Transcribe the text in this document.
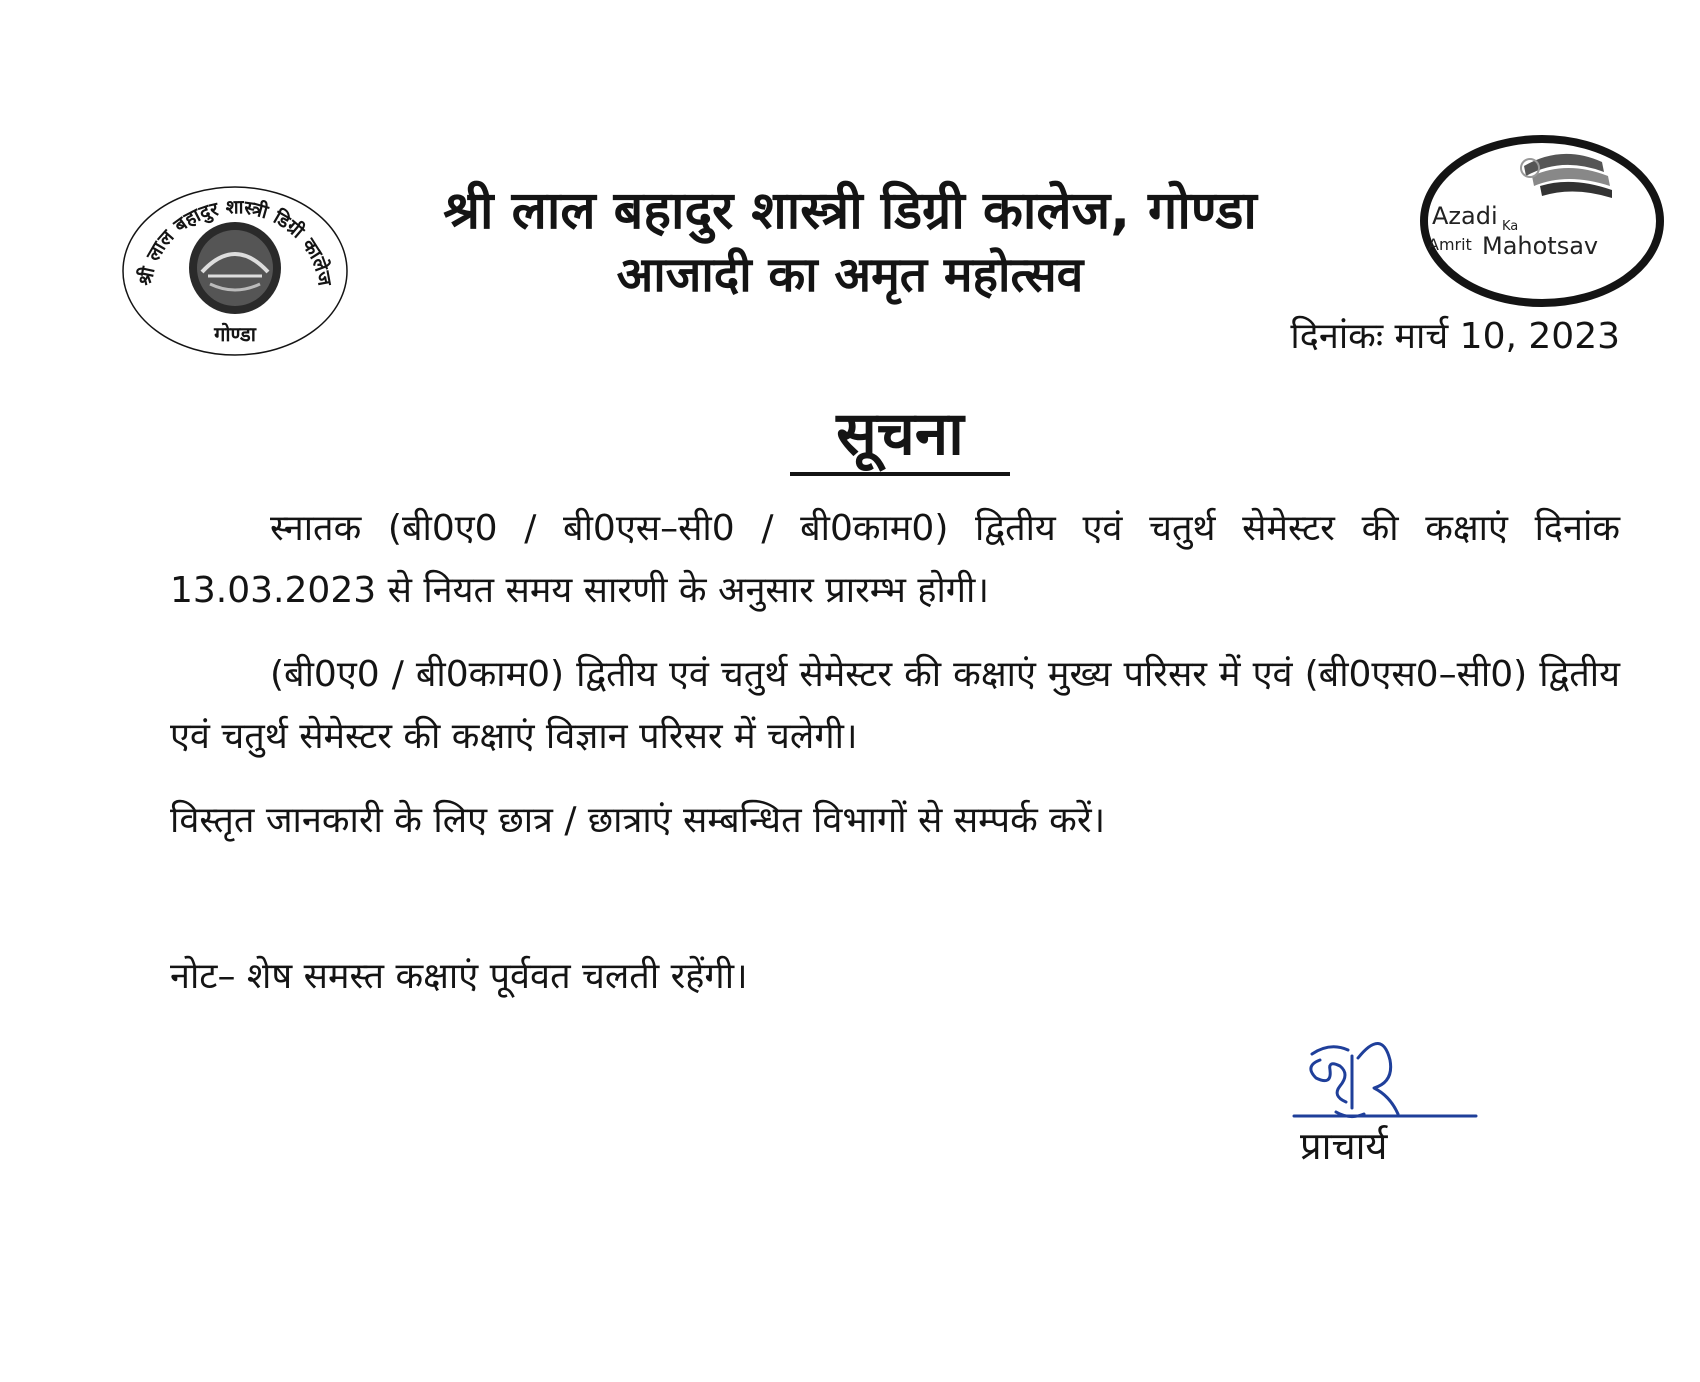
श्री लाल बहादुर शास्त्री डिग्री कालेज
गोण्डा
Azadi Ka
Amrit Mahotsav
श्री लाल बहादुर शास्त्री डिग्री कालेज, गोण्डा
आजादी का अमृत महोत्सव
दिनांकः मार्च 10, 2023
सूचना
स्नातक (बी0ए0 / बी0एस–सी0 / बी0काम0) द्वितीय एवं चतुर्थ सेमेस्टर की कक्षाएं दिनांक 13.03.2023 से नियत समय सारणी के अनुसार प्रारम्भ होगी।
(बी0ए0 / बी0काम0) द्वितीय एवं चतुर्थ सेमेस्टर की कक्षाएं मुख्य परिसर में एवं (बी0एस0–सी0) द्वितीय एवं चतुर्थ सेमेस्टर की कक्षाएं विज्ञान परिसर में चलेगी।
विस्तृत जानकारी के लिए छात्र / छात्राएं सम्बन्धित विभागों से सम्पर्क करें।
नोट– शेष समस्त कक्षाएं पूर्ववत चलती रहेंगी।
प्राचार्य
